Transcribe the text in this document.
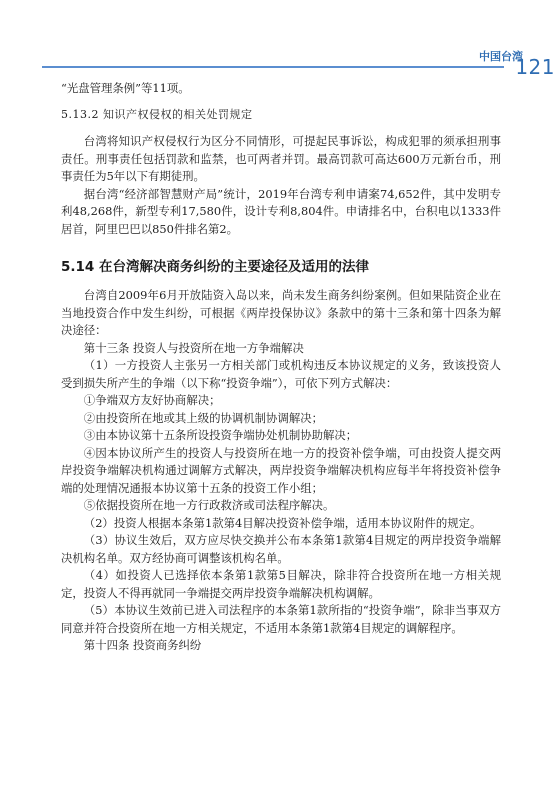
中国台湾
121

“光盘管理条例”等11项。

5.13.2 知识产权侵权的相关处罚规定

台湾将知识产权侵权行为区分不同情形，可提起民事诉讼，构成犯罪的须承担刑事责任。刑事责任包括罚款和监禁，也可两者并罚。最高罚款可高达600万元新台币，刑事责任为5年以下有期徒刑。

据台湾“经济部智慧财产局”统计，2019年台湾专利申请案74,652件，其中发明专利48,268件，新型专利17,580件，设计专利8,804件。申请排名中，台积电以1333件居首，阿里巴巴以850件排名第2。

5.14 在台湾解决商务纠纷的主要途径及适用的法律

台湾自2009年6月开放陆资入岛以来，尚未发生商务纠纷案例。但如果陆资企业在当地投资合作中发生纠纷，可根据《两岸投保协议》条款中的第十三条和第十四条为解决途径：

第十三条 投资人与投资所在地一方争端解决

（1）一方投资人主张另一方相关部门或机构违反本协议规定的义务，致该投资人受到损失所产生的争端（以下称“投资争端”），可依下列方式解决：

①争端双方友好协商解决；

②由投资所在地或其上级的协调机制协调解决；

③由本协议第十五条所设投资争端协处机制协助解决；

④因本协议所产生的投资人与投资所在地一方的投资补偿争端，可由投资人提交两岸投资争端解决机构通过调解方式解决，两岸投资争端解决机构应每半年将投资补偿争端的处理情况通报本协议第十五条的投资工作小组；

⑤依据投资所在地一方行政救济或司法程序解决。

（2）投资人根据本条第1款第4目解决投资补偿争端，适用本协议附件的规定。

（3）协议生效后，双方应尽快交换并公布本条第1款第4目规定的两岸投资争端解决机构名单。双方经协商可调整该机构名单。

（4）如投资人已选择依本条第1款第5目解决，除非符合投资所在地一方相关规定，投资人不得再就同一争端提交两岸投资争端解决机构调解。

（5）本协议生效前已进入司法程序的本条第1款所指的“投资争端”，除非当事双方同意并符合投资所在地一方相关规定，不适用本条第1款第4目规定的调解程序。

第十四条 投资商务纠纷
